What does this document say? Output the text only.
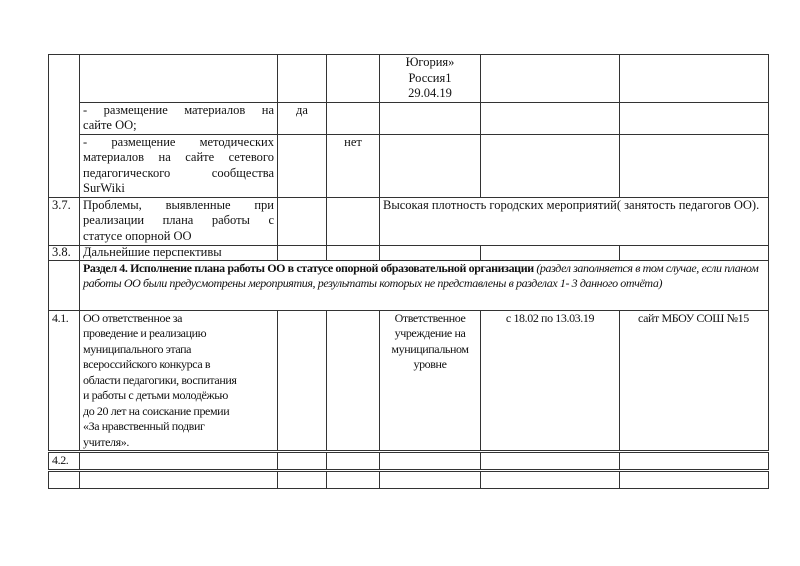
				Югория»
Россия1
29.04.19		

	- размещение материалов на
сайте ОО;	да				

	- размещение методических
материалов на сайте сетевого
педагогического сообщества
SurWiki		нет			
3.7.	Проблемы, выявленные при
реализации плана работы с
статусе опорной ОО			Высокая плотность городских мероприятий( занятость педагогов ОО).		
3.8.	Дальнейшие перспективы					
	Раздел 4. Исполнение плана работы ОО в статусе опорной образовательной организации (раздел заполняется в том случае, если планом работы ОО были предусмотрены мероприятия, результаты которых не представлены в разделах 1- 3 данного отчёта)					
4.1.	ОО ответственное за проведение и реализацию муниципального этапа всероссийского конкурса в области педагогики, воспитания и работы с детьми молодёжью до 20 лет на соискание премии «За нравственный подвиг учителя».			Ответственное учреждение на муниципальном уровне	с 18.02 по 13.03.19	сайт МБОУ СОШ №15
4.2.						
